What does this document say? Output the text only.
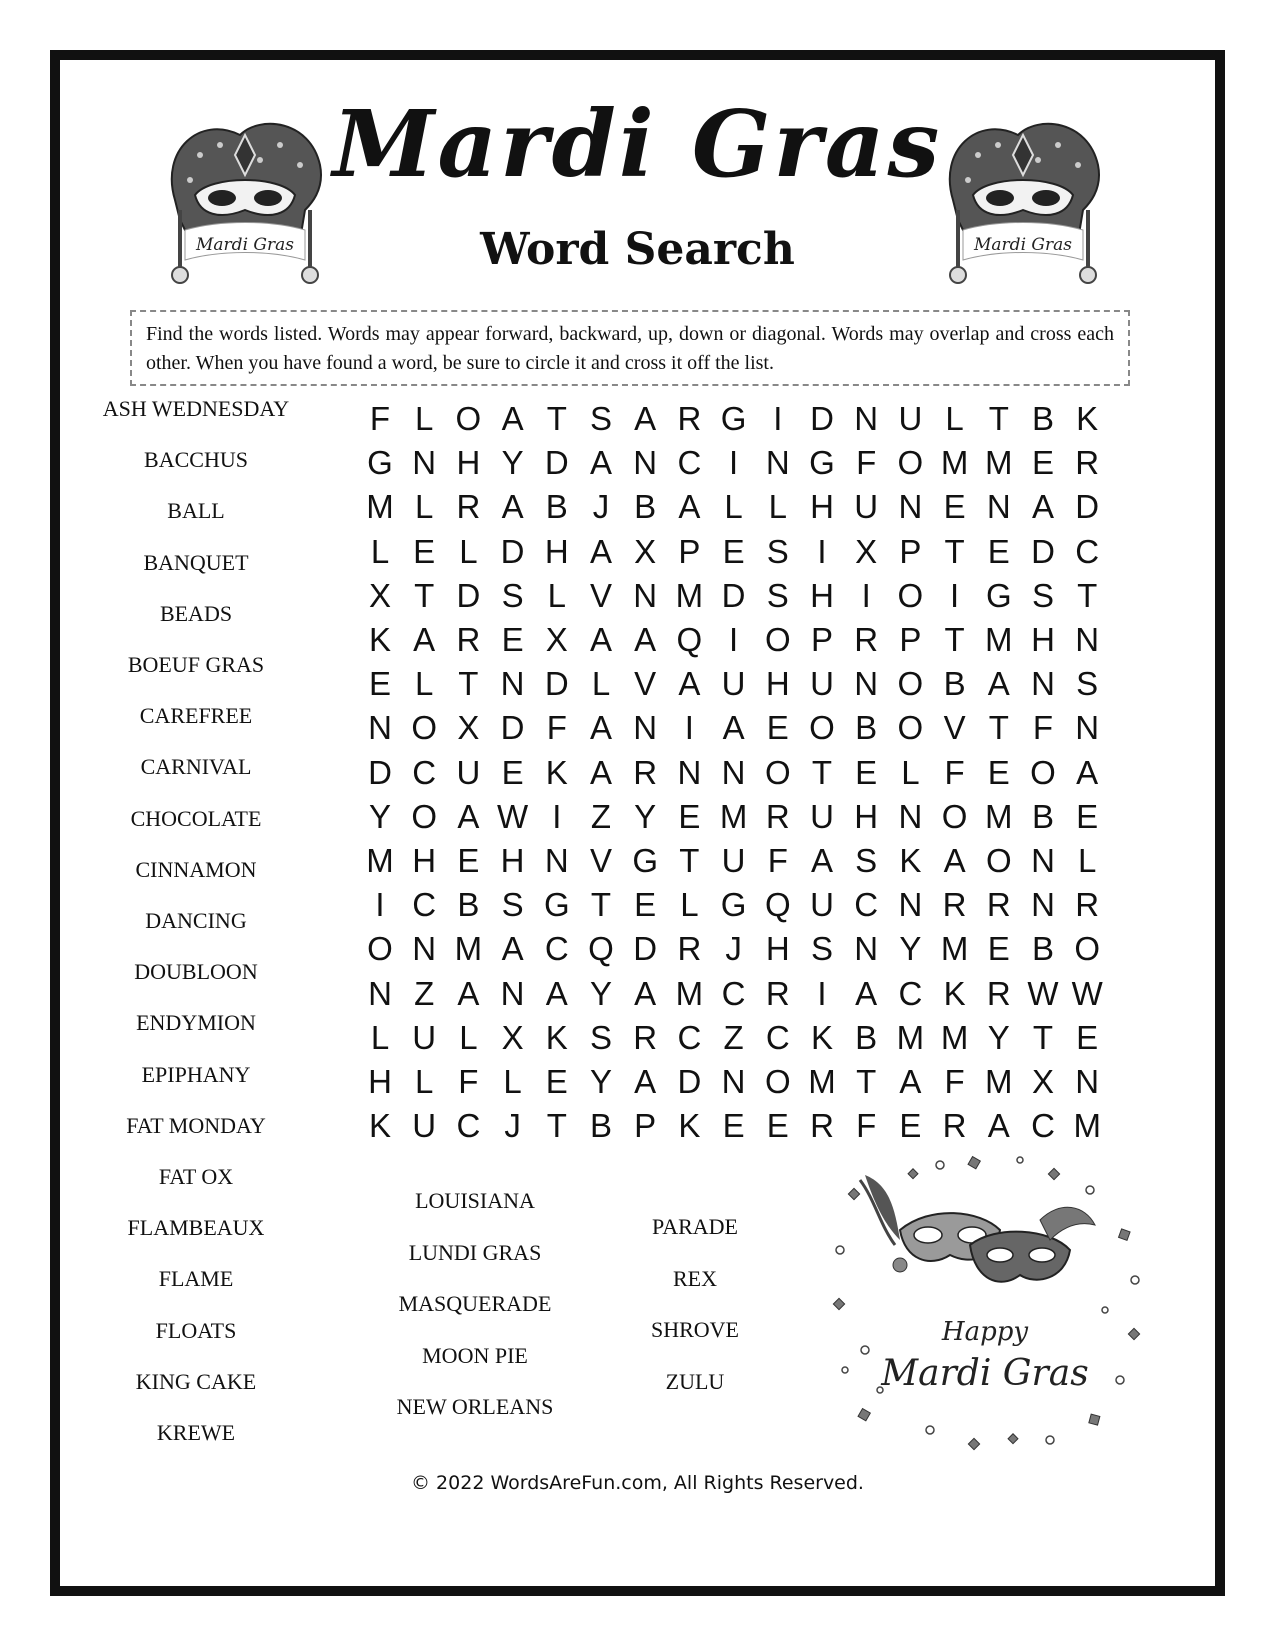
Mardi Gras	Mardi Gras
Mardi Gras
Word Search
Find the words listed. Words may appear forward, backward, up, down or diagonal. Words may overlap and cross each other. When you have found a word, be sure to circle it and cross it off the list.
ASH WEDNESDAY
BACCHUS
BALL
BANQUET
BEADS
BOEUF GRAS
CAREFREE
CARNIVAL
CHOCOLATE
CINNAMON
DANCING
DOUBLOON
ENDYMION
EPIPHANY
FAT MONDAY
FAT OX
FLAMBEAUX
FLAME
FLOATS
KING CAKE
KREWE
F L O A T S A R G I D N U L T B K
G N H Y D A N C I N G F O M M E R
M L R A B J B A L L H U N E N A D
L E L D H A X P E S I X P T E D C
X T D S L V N M D S H I O I G S T
K A R E X A A Q I O P R P T M H N
E L T N D L V A U H U N O B A N S
N O X D F A N I A E O B O V T F N
D C U E K A R N N O T E L F E O A
Y O A W I Z Y E M R U H N O M B E
M H E H N V G T U F A S K A O N L
I C B S G T E L G Q U C N R R N R
O N M A C Q D R J H S N Y M E B O
N Z A N A Y A M C R I A C K R W W
L U L X K S R C Z C K B M M Y T E
H L F L E Y A D N O M T A F M X N
K U C J T B P K E E R F E R A C M
LOUISIANA
LUNDI GRAS
MASQUERADE
MOON PIE
NEW ORLEANS
PARADE
REX
SHROVE
ZULU
Happy
Mardi Gras
© 2022 WordsAreFun.com, All Rights Reserved.
